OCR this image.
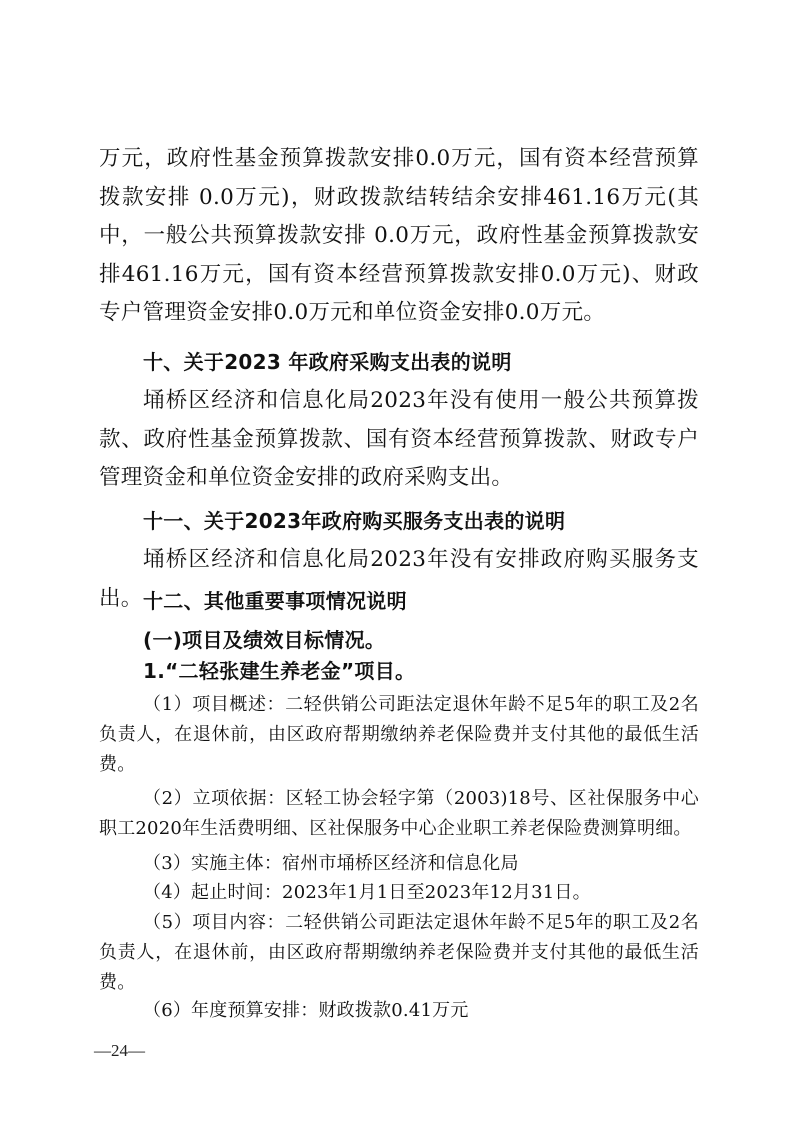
万元，政府性基金预算拨款安排0.0万元，国有资本经营预算拨款安排 0.0万元)，财政拨款结转结余安排461.16万元(其中，一般公共预算拨款安排 0.0万元，政府性基金预算拨款安排461.16万元，国有资本经营预算拨款安排0.0万元)、财政专户管理资金安排0.0万元和单位资金安排0.0万元。

十、关于2023 年政府采购支出表的说明

埇桥区经济和信息化局2023年没有使用一般公共预算拨款、政府性基金预算拨款、国有资本经营预算拨款、财政专户管理资金和单位资金安排的政府采购支出。

十一、关于2023年政府购买服务支出表的说明

埇桥区经济和信息化局2023年没有安排政府购买服务支出。 十二、其他重要事项情况说明
(一)项目及绩效目标情况。
1.“二轻张建生养老金”项目。

（1）项目概述：二轻供销公司距法定退休年龄不足5年的职工及2名负责人，在退休前，由区政府帮期缴纳养老保险费并支付其他的最低生活费。

（2）立项依据：区轻工协会轻字第（2003)18号、区社保服务中心职工2020年生活费明细、区社保服务中心企业职工养老保险费测算明细。

（3）实施主体：宿州市埇桥区经济和信息化局

（4）起止时间：2023年1月1日至2023年12月31日。

（5）项目内容：二轻供销公司距法定退休年龄不足5年的职工及2名负责人，在退休前，由区政府帮期缴纳养老保险费并支付其他的最低生活费。

（6）年度预算安排：财政拨款0.41万元

—24—
